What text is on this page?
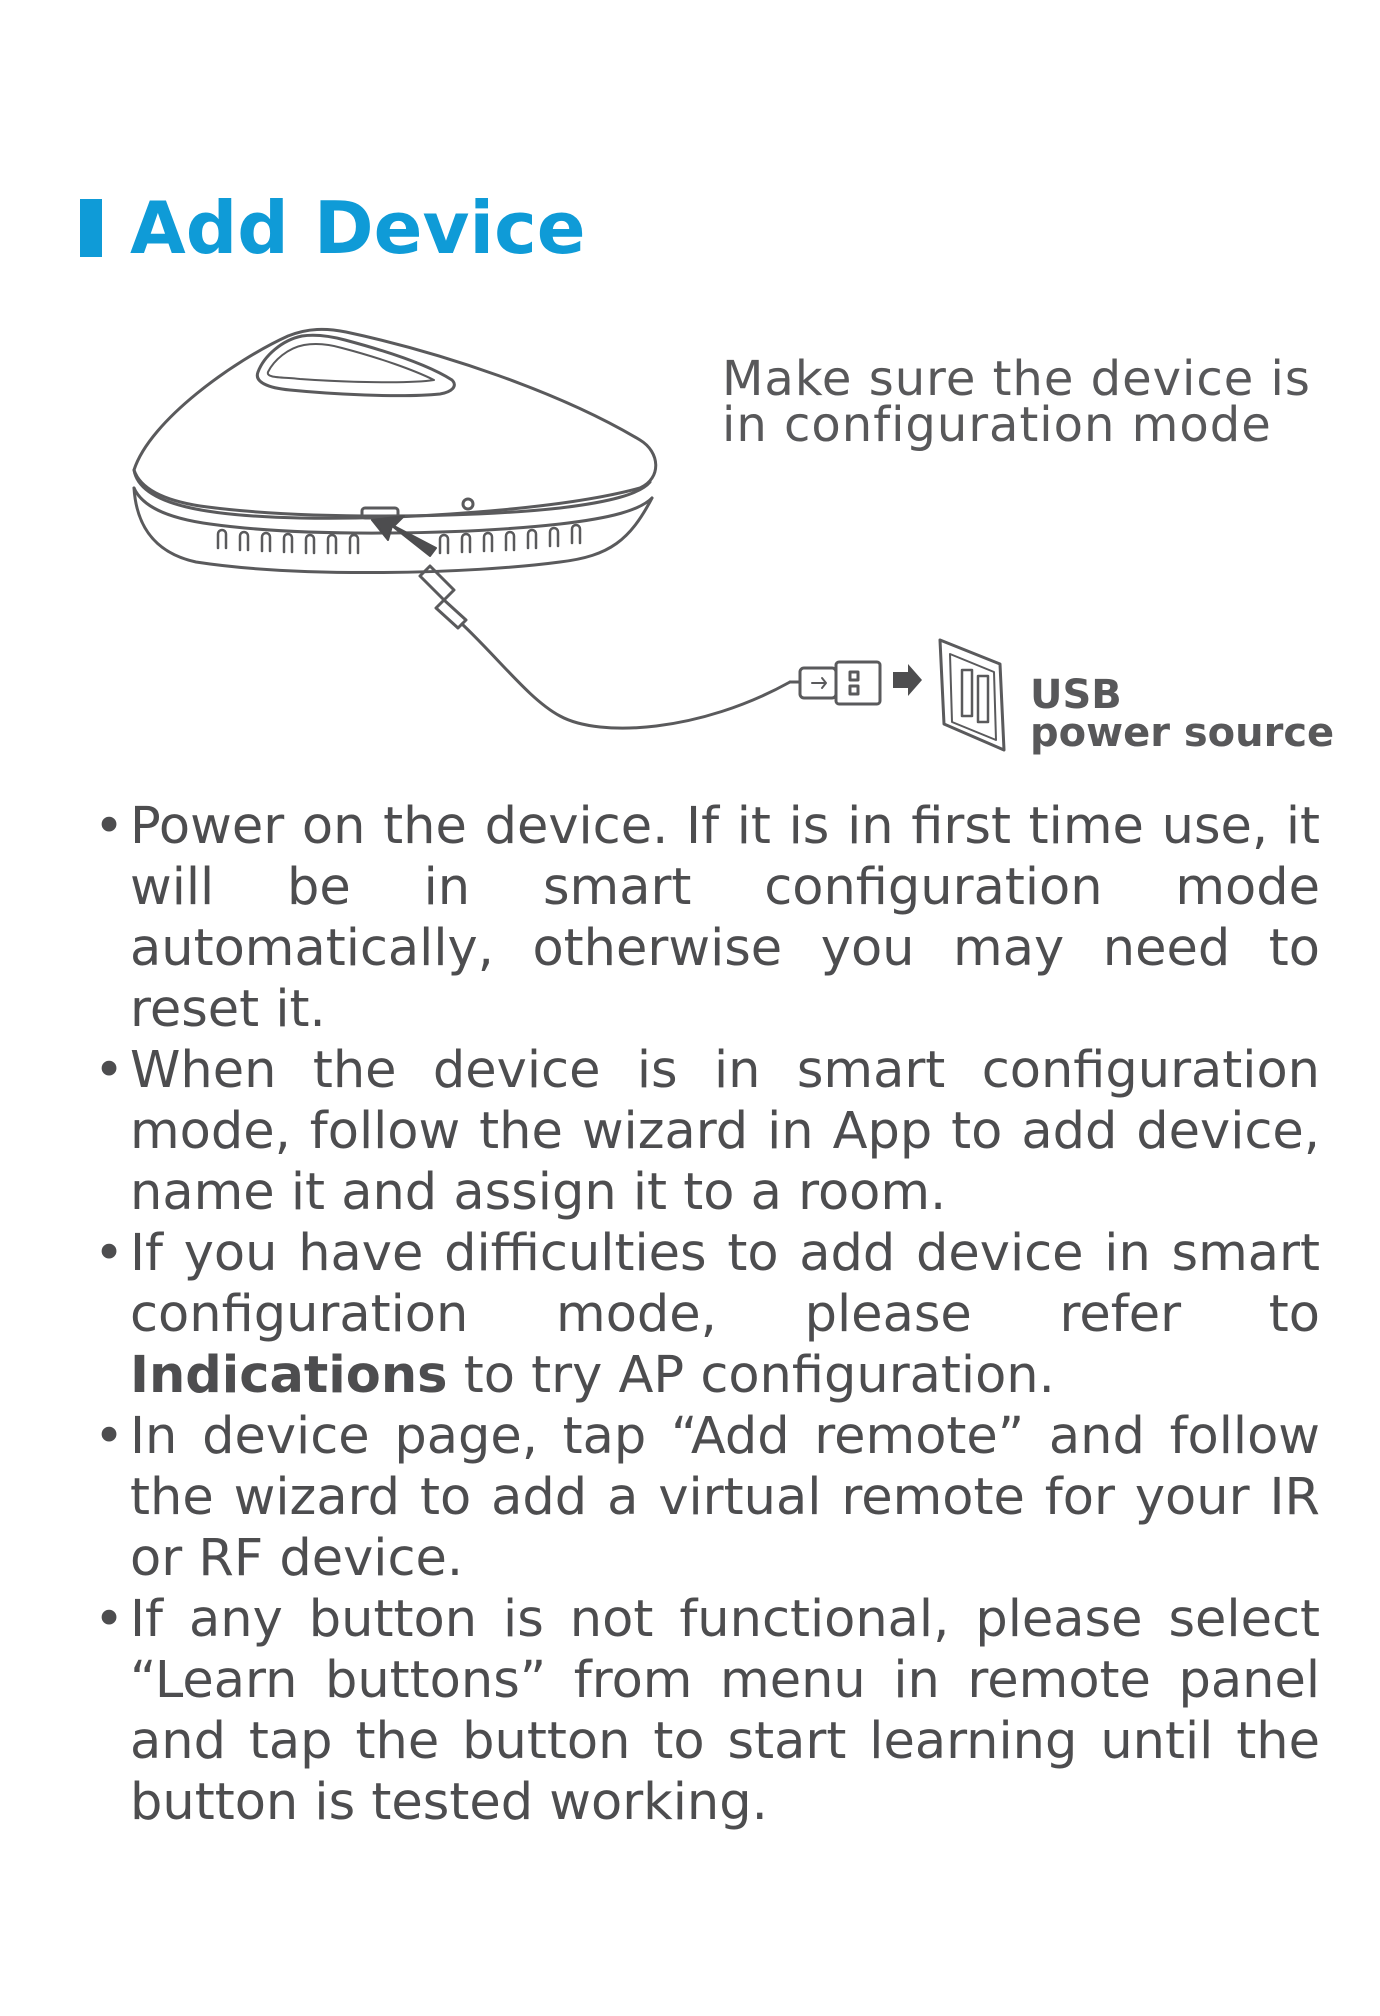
Add Device
Make sure the device is in configuration mode
USB
power source
• Power on the device. If it is in first time use, it will be in smart configuration mode automatically, otherwise you may need to reset it.
• When the device is in smart configuration mode, follow the wizard in App to add device, name it and assign it to a room.
• If you have difficulties to add device in smart configuration mode, please refer to Indications to try AP configuration.
• In device page, tap “Add remote” and follow the wizard to add a virtual remote for your IR or RF device.
• If any button is not functional, please select “Learn buttons” from menu in remote panel and tap the button to start learning until the button is tested working.
